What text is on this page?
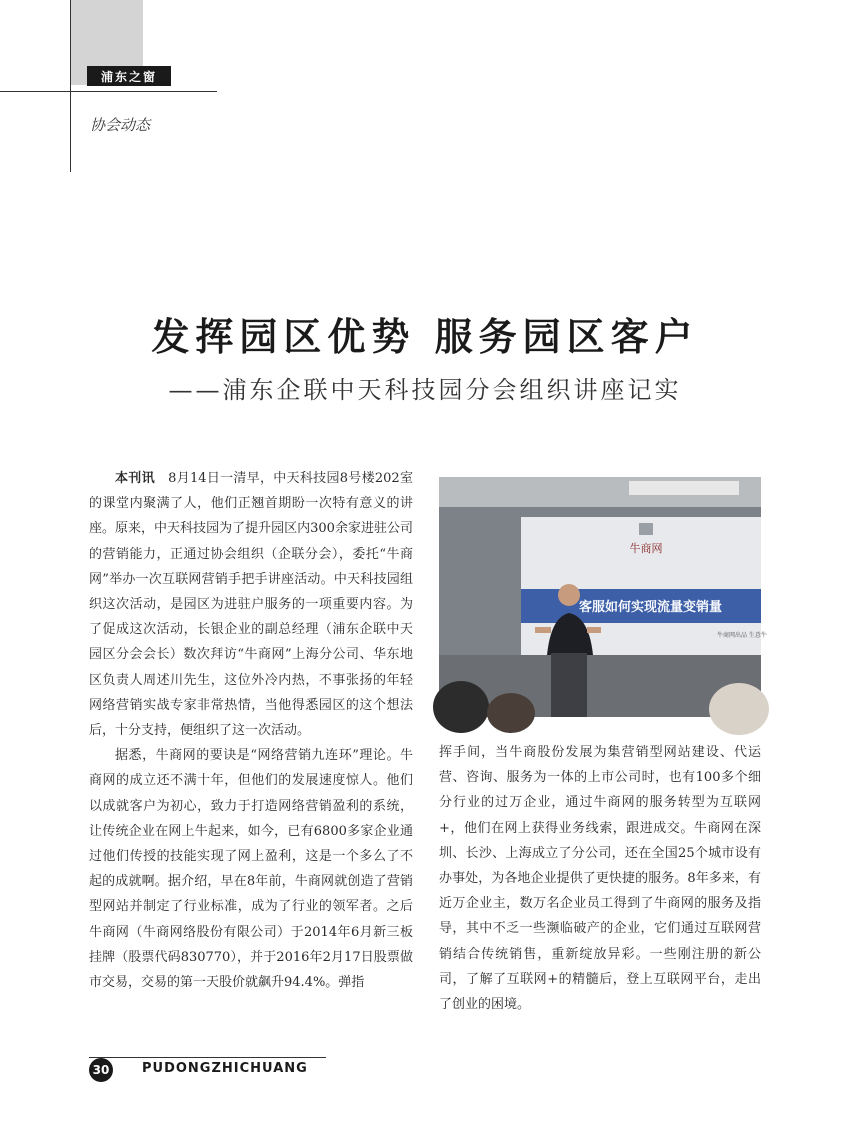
浦东之窗
协会动态
发挥园区优势 服务园区客户
——浦东企联中天科技园分会组织讲座记实

本刊讯 8月14日一清早，中天科技园8号楼202室的课堂内聚满了人，他们正翘首期盼一次特有意义的讲座。原来，中天科技园为了提升园区内300余家进驻公司的营销能力，正通过协会组织（企联分会），委托“牛商网”举办一次互联网营销手把手讲座活动。中天科技园组织这次活动，是园区为进驻户服务的一项重要内容。为了促成这次活动，长银企业的副总经理（浦东企联中天园区分会会长）数次拜访“牛商网”上海分公司、华东地区负责人周述川先生，这位外冷内热，不事张扬的年轻网络营销实战专家非常热情，当他得悉园区的这个想法后，十分支持，便组织了这一次活动。

据悉，牛商网的要诀是“网络营销九连环”理论。牛商网的成立还不满十年，但他们的发展速度惊人。他们以成就客户为初心，致力于打造网络营销盈利的系统，让传统企业在网上牛起来，如今，已有6800多家企业通过他们传授的技能实现了网上盈利，这是一个多么了不起的成就啊。据介绍，早在8年前，牛商网就创造了营销型网站并制定了行业标准，成为了行业的领军者。之后牛商网（牛商网络股份有限公司）于2014年6月新三板挂牌（股票代码830770），并于2016年2月17日股票做市交易，交易的第一天股价就飙升94.4%。弹指

牛商网
客服如何实现流量变销量
牛商网出品 生意牛

挥手间，当牛商股份发展为集营销型网站建设、代运营、咨询、服务为一体的上市公司时，也有100多个细分行业的过万企业，通过牛商网的服务转型为互联网+，他们在网上获得业务线索，跟进成交。牛商网在深圳、长沙、上海成立了分公司，还在全国25个城市设有办事处，为各地企业提供了更快捷的服务。8年多来，有近万企业主，数万名企业员工得到了牛商网的服务及指导，其中不乏一些濒临破产的企业，它们通过互联网营销结合传统销售，重新绽放异彩。一些刚注册的新公司，了解了互联网+的精髓后，登上互联网平台，走出了创业的困境。

30	PUDONGZHICHUANG
